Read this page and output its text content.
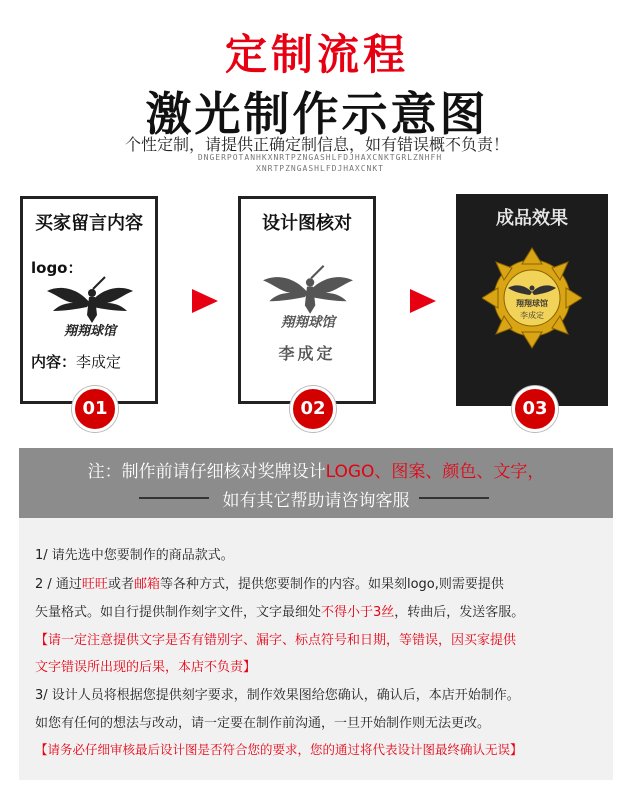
定制流程
激光制作示意图
个性定制，请提供正确定制信息，如有错误概不负责！
DNGERPOTANHKXNRTPZNGASHLFDJHAXCNKTGRLZNHFH
XNRTPZNGASHLFDJHAXCNKT
买家留言内容
logo：
翔翔球馆
内容：李成定
01
设计图核对
翔翔球馆
李成定
02
成品效果
翔翔球馆
李成定
03
注：制作前请仔细核对奖牌设计LOGO、图案、颜色、文字，
如有其它帮助请咨询客服
1/ 请先选中您要制作的商品款式。
2 / 通过旺旺或者邮箱等各种方式，提供您要制作的内容。如果刻logo,则需要提供
矢量格式。如自行提供制作刻字文件，文字最细处不得小于3丝，转曲后，发送客服。
【请一定注意提供文字是否有错别字、漏字、标点符号和日期，等错误，因买家提供
文字错误所出现的后果，本店不负责】
3/ 设计人员将根据您提供刻字要求，制作效果图给您确认，确认后，本店开始制作。
如您有任何的想法与改动，请一定要在制作前沟通，一旦开始制作则无法更改。
【请务必仔细审核最后设计图是否符合您的要求，您的通过将代表设计图最终确认无误】
